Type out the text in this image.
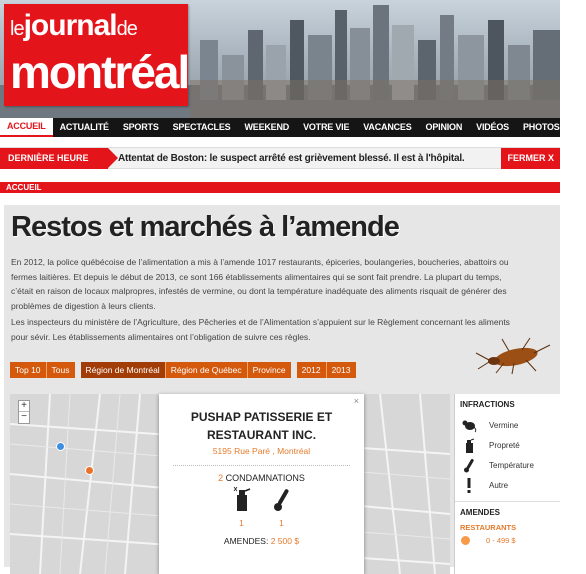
lejournalde
montréal
ACCUEIL	ACTUALITÉ	SPORTS	SPECTACLES	WEEKEND	VOTRE VIE	VACANCES	OPINION	VIDÉOS	PHOTOS	+
DERNIÈRE HEURE	Attentat de Boston: le suspect arrêté est grièvement blessé. Il est à l'hôpital.	FERMER X
ACCUEIL
Restos et marchés à l’amende
En 2012, la police québécoise de l’alimentation a mis à l’amende 1017 restaurants, épiceries, boulangeries, boucheries, abattoirs ou fermes laitières. Et depuis le début de 2013, ce sont 166 établissements alimentaires qui se sont fait prendre. La plupart du temps, c’était en raison de locaux malpropres, infestés de vermine, ou dont la température inadéquate des aliments risquait de générer des problèmes de digestion à leurs clients.
Les inspecteurs du ministère de l’Agriculture, des Pêcheries et de l’Alimentation s’appuient sur le Règlement concernant les aliments pour sévir. Les établissements alimentaires ont l’obligation de suivre ces règles.
Top 10	Tous	Région de Montréal	Région de Québec	Province	2012	2013
+
−
×
PUSHAP PATISSERIE ET RESTAURANT INC.
5195 Rue Paré , Montréal
2 CONDAMNATIONS
1	1
AMENDES: 2 500 $
INFRACTIONS
Vermine
Propreté
Température
Autre
AMENDES
RESTAURANTS
0 - 499 $
